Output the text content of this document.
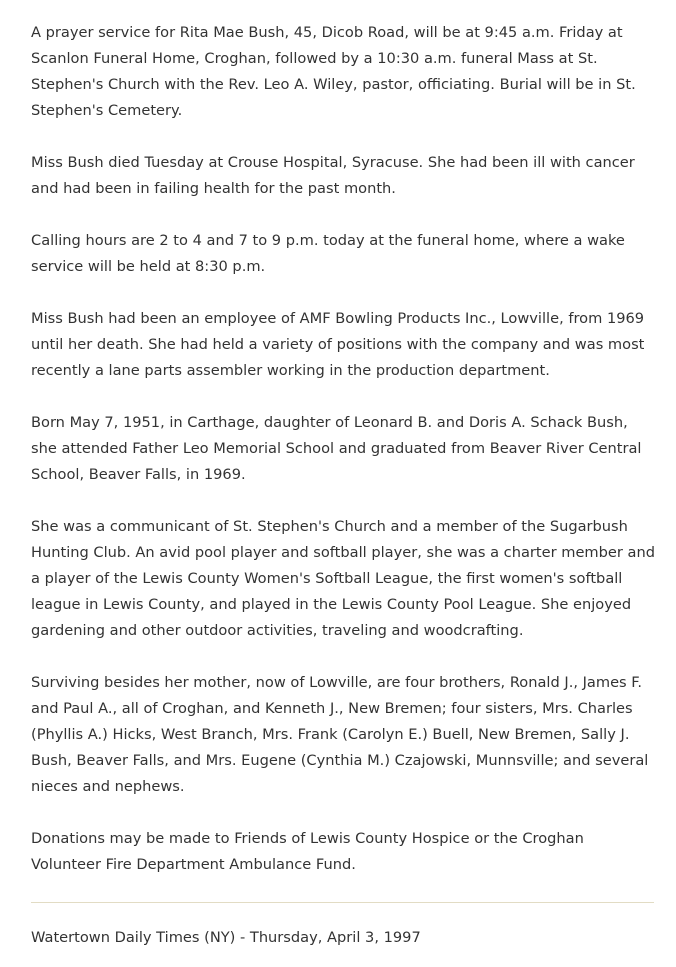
A prayer service for Rita Mae Bush, 45, Dicob Road, will be at 9:45 a.m. Friday at Scanlon Funeral Home, Croghan, followed by a 10:30 a.m. funeral Mass at St. Stephen's Church with the Rev. Leo A. Wiley, pastor, officiating. Burial will be in St. Stephen's Cemetery.

Miss Bush died Tuesday at Crouse Hospital, Syracuse. She had been ill with cancer and had been in failing health for the past month.

Calling hours are 2 to 4 and 7 to 9 p.m. today at the funeral home, where a wake service will be held at 8:30 p.m.

Miss Bush had been an employee of AMF Bowling Products Inc., Lowville, from 1969 until her death. She had held a variety of positions with the company and was most recently a lane parts assembler working in the production department.

Born May 7, 1951, in Carthage, daughter of Leonard B. and Doris A. Schack Bush, she attended Father Leo Memorial School and graduated from Beaver River Central School, Beaver Falls, in 1969.

She was a communicant of St. Stephen's Church and a member of the Sugarbush Hunting Club. An avid pool player and softball player, she was a charter member and a player of the Lewis County Women's Softball League, the first women's softball league in Lewis County, and played in the Lewis County Pool League. She enjoyed gardening and other outdoor activities, traveling and woodcrafting.

Surviving besides her mother, now of Lowville, are four brothers, Ronald J., James F. and Paul A., all of Croghan, and Kenneth J., New Bremen; four sisters, Mrs. Charles (Phyllis A.) Hicks, West Branch, Mrs. Frank (Carolyn E.) Buell, New Bremen, Sally J. Bush, Beaver Falls, and Mrs. Eugene (Cynthia M.) Czajowski, Munnsville; and several nieces and nephews.

Donations may be made to Friends of Lewis County Hospice or the Croghan Volunteer Fire Department Ambulance Fund.

Watertown Daily Times (NY) - Thursday, April 3, 1997
